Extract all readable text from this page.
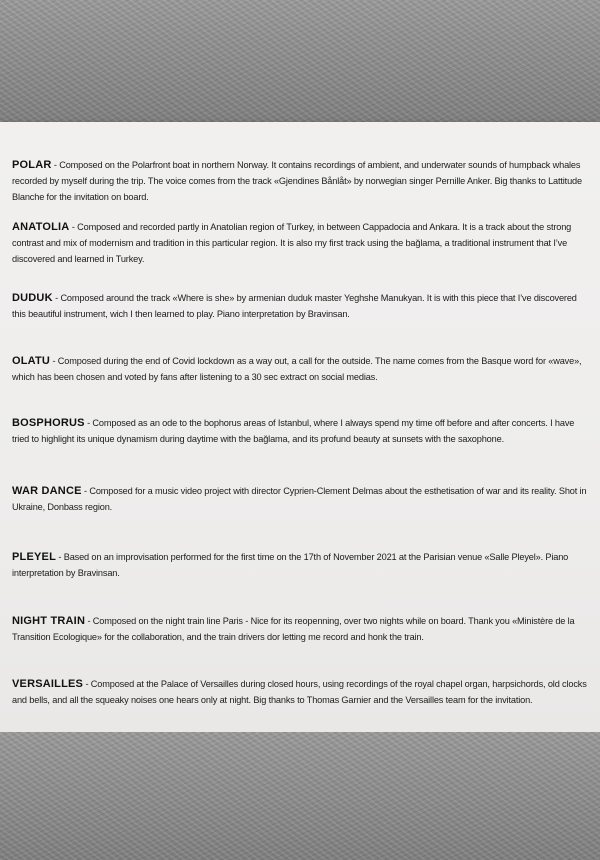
POLAR - Composed on the Polarfront boat in northern Norway. It contains recordings of ambient, and underwater sounds of humpback whales recorded by myself during the trip. The voice comes from the track «Gjendines Bånlåt» by norwegian singer Pernille Anker. Big thanks to Lattitude Blanche for the invitation on board.

ANATOLIA - Composed and recorded partly in Anatolian region of Turkey, in between Cappadocia and Ankara. It is a track about the strong contrast and mix of modernism and tradition in this particular region. It is also my first track using the bağlama, a traditional instrument that I’ve discovered and learned in Turkey.

DUDUK - Composed around the track «Where is she» by armenian duduk master Yeghshe Manukyan. It is with this piece that I’ve discovered this beautiful instrument, wich I then learned to play. Piano interpretation by Bravinsan.

OLATU - Composed during the end of Covid lockdown as a way out, a call for the outside. The name comes from the Basque word for «wave», which has been chosen and voted by fans after listening to a 30 sec extract on social medias.

BOSPHORUS - Composed as an ode to the bophorus areas of Istanbul, where I always spend my time off before and after concerts. I have tried to highlight its unique dynamism during daytime with the bağlama, and its profund beauty at sunsets with the saxophone.

WAR DANCE - Composed for a music video project with director Cyprien-Clement Delmas about the esthetisation of war and its reality. Shot in Ukraine, Donbass region.

PLEYEL - Based on an improvisation performed for the first time on the 17th of November 2021 at the Parisian venue «Salle Pleyel». Piano interpretation by Bravinsan.

NIGHT TRAIN - Composed on the night train line Paris - Nice for its reopenning, over two nights while on board. Thank you «Ministère de la Transition Ecologique» for the collaboration, and the train drivers dor letting me record and honk the train.

VERSAILLES - Composed at the Palace of Versailles during closed hours, using recordings of the royal chapel organ, harpsichords, old clocks and bells, and all the squeaky noises one hears only at night. Big thanks to Thomas Garnier and the Versailles team for the invitation.
